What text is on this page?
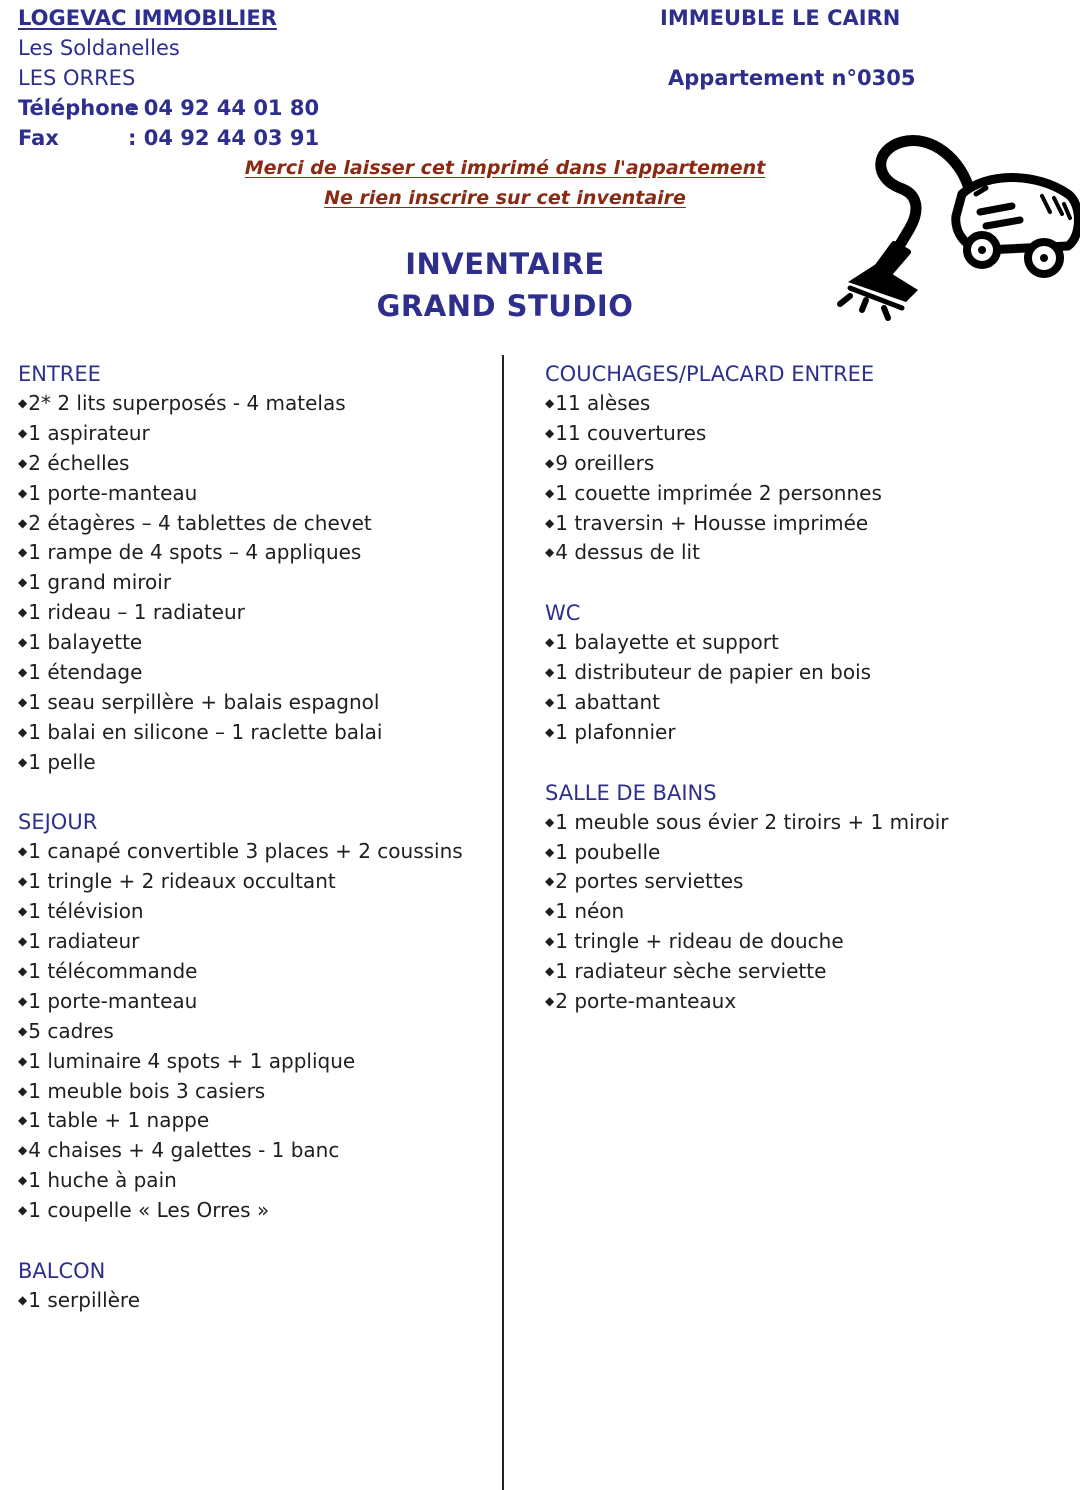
LOGEVAC IMMOBILIER
Les Soldanelles
LES ORRES
Téléphone: 04 92 44 01 80
Fax	: 04 92 44 03 91
IMMEUBLE LE CAIRN
Appartement n°0305
Merci de laisser cet imprimé dans l'appartement
Ne rien inscrire sur cet inventaire
INVENTAIRE
GRAND STUDIO
ENTREE
◆2* 2 lits superposés - 4 matelas
◆1 aspirateur
◆2 échelles
◆1 porte-manteau
◆2 étagères – 4 tablettes de chevet
◆1 rampe de 4 spots – 4 appliques
◆1 grand miroir
◆1 rideau – 1 radiateur
◆1 balayette
◆1 étendage
◆1 seau serpillère + balais espagnol
◆1 balai en silicone – 1 raclette balai
◆1 pelle
SEJOUR
◆1 canapé convertible 3 places + 2 coussins
◆1 tringle + 2 rideaux occultant
◆1 télévision
◆1 radiateur
◆1 télécommande
◆1 porte-manteau
◆5 cadres
◆1 luminaire 4 spots + 1 applique
◆1 meuble bois 3 casiers
◆1 table + 1 nappe
◆4 chaises + 4 galettes - 1 banc
◆1 huche à pain
◆1 coupelle « Les Orres »
BALCON
◆1 serpillère
COUCHAGES/PLACARD ENTREE
◆11 alèses
◆11 couvertures
◆9 oreillers
◆1 couette imprimée 2 personnes
◆1 traversin + Housse imprimée
◆4 dessus de lit
WC
◆1 balayette et support
◆1 distributeur de papier en bois
◆1 abattant
◆1 plafonnier
SALLE DE BAINS
◆1 meuble sous évier 2 tiroirs + 1 miroir
◆1 poubelle
◆2 portes serviettes
◆1 néon
◆1 tringle + rideau de douche
◆1 radiateur sèche serviette
◆2 porte-manteaux
